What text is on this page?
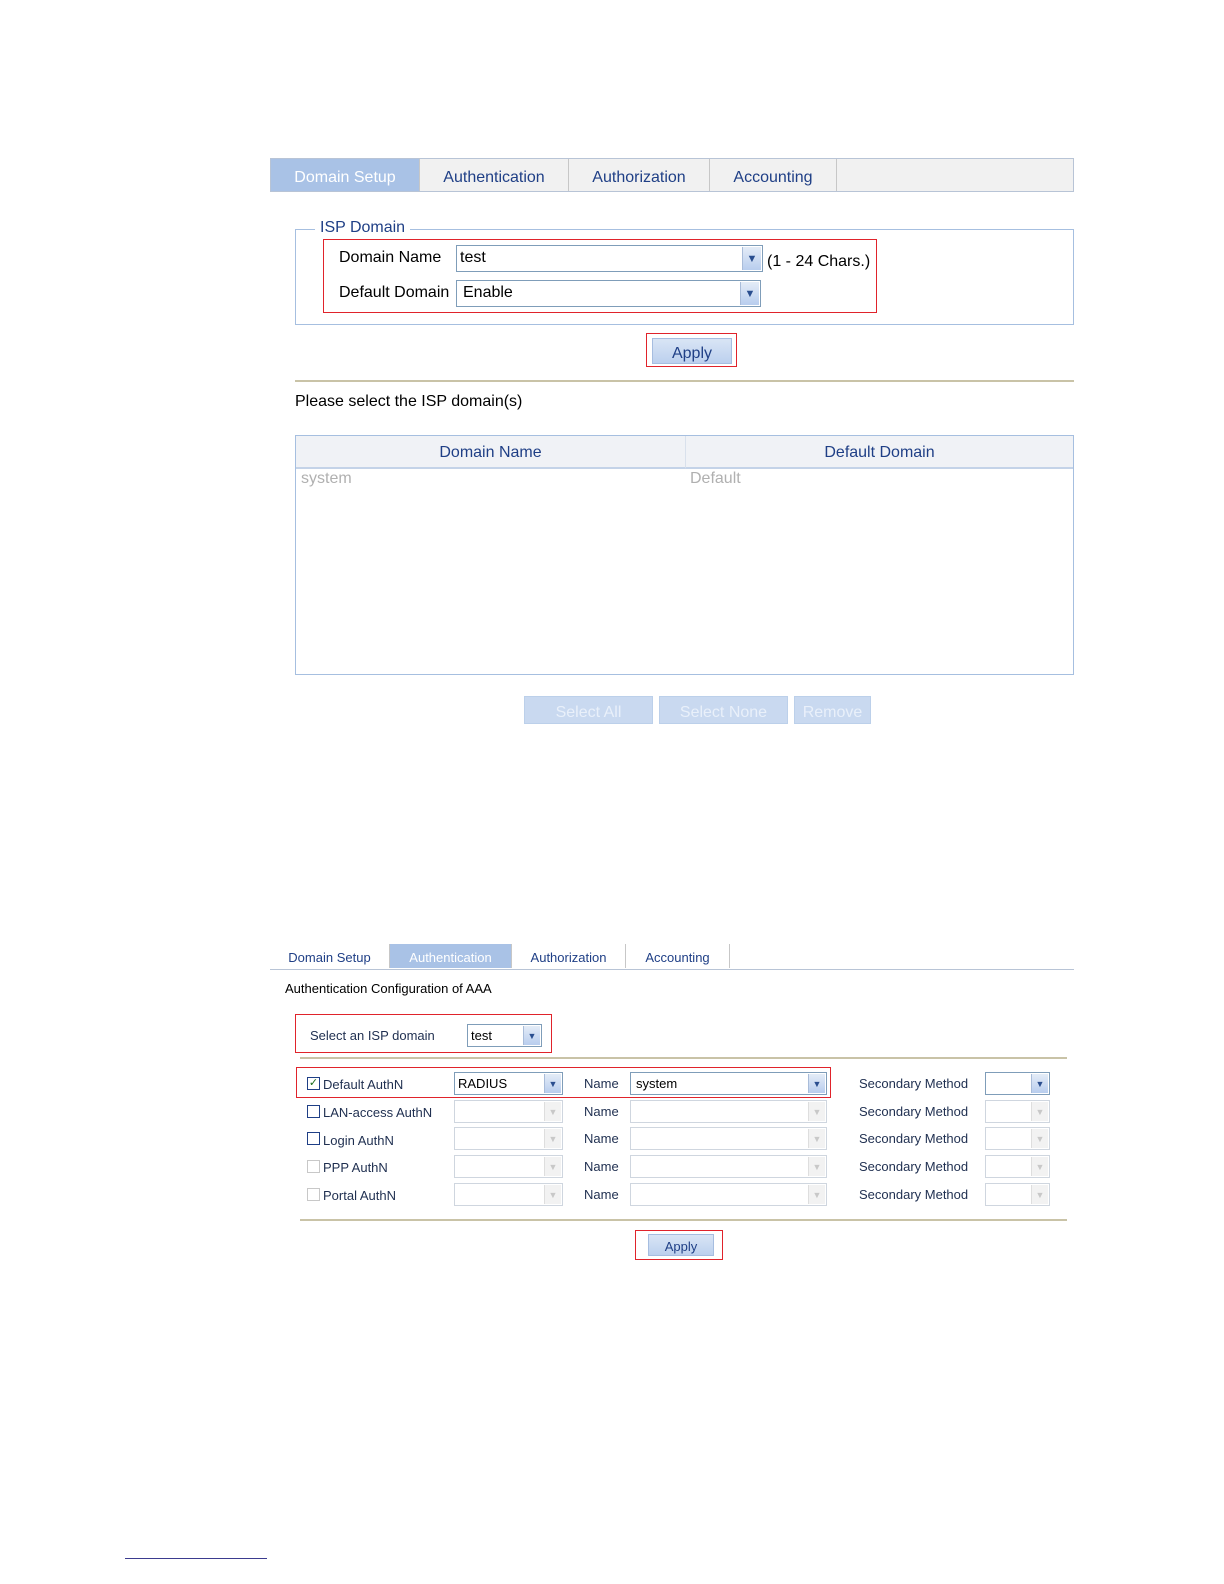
Domain Setup	Authentication	Authorization	Accounting
ISP Domain
Domain Name test	▼ (1 - 24 Chars.)
Default Domain Enable	▼
Apply
Please select the ISP domain(s)
Domain Name	Default Domain
system	Default
Select All	Select None	Remove
Domain Setup	Authentication	Authorization	Accounting
Authentication Configuration of AAA
Select an ISP domain	test	▼
✓ Default AuthN	RADIUS	▼ Name system	▼	Secondary Method	▼
LAN-access AuthN	▼ Name	▼	Secondary Method	▼
Login AuthN	▼ Name	▼	Secondary Method	▼
PPP AuthN	▼ Name	▼	Secondary Method	▼
Portal AuthN	▼ Name	▼	Secondary Method	▼
Apply
